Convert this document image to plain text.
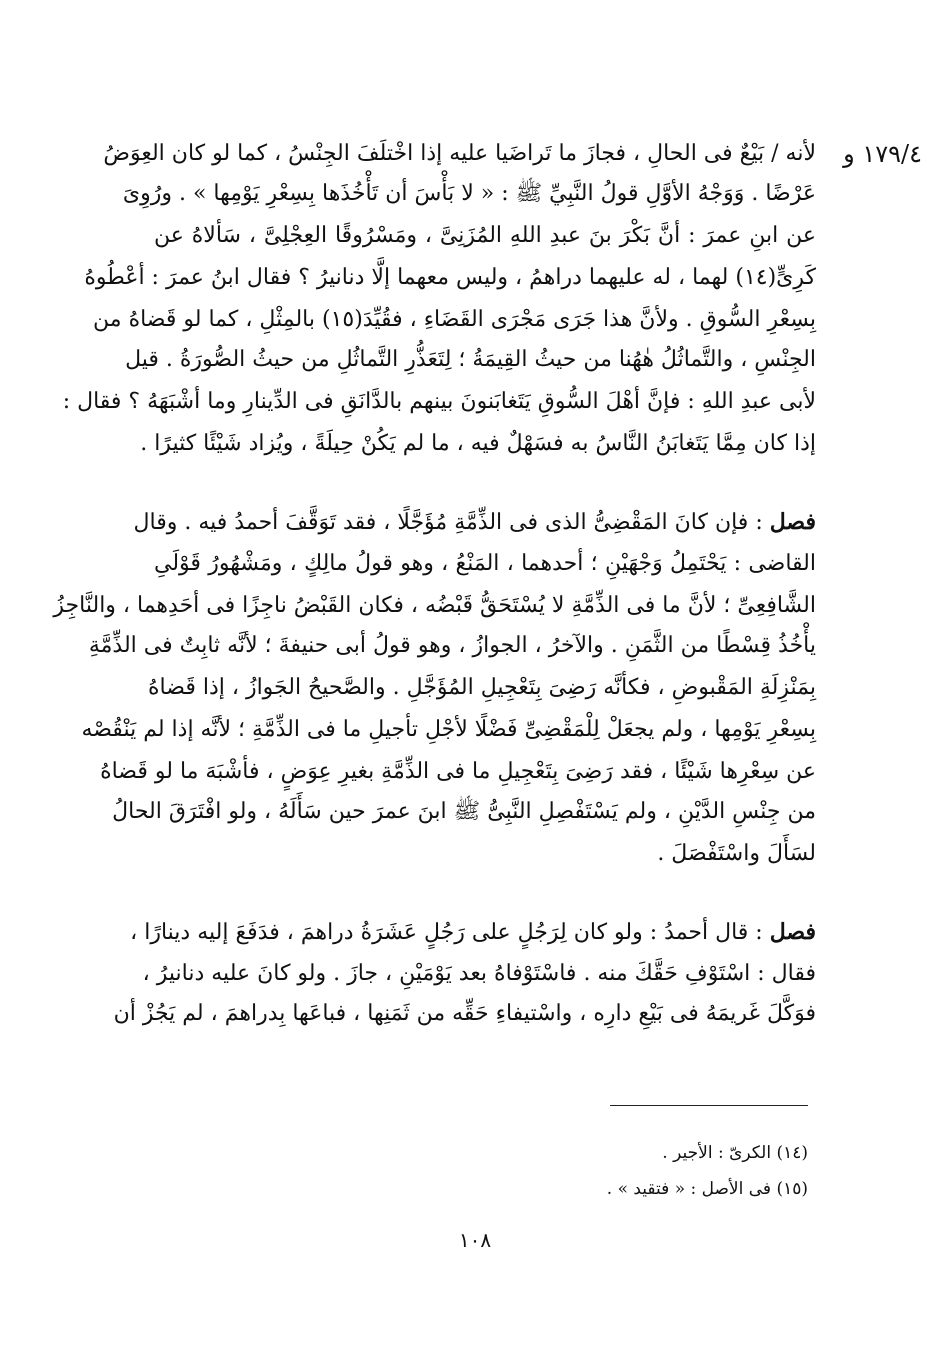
١٧٩/٤ و
لأنه / بَيْعٌ فى الحالِ ، فجازَ ما تَراضَيا عليه إذا اخْتلَفَ الجِنْسُ ، كما لو كان العِوَضُ
عَرْضًا . وَوَجْهُ الأوَّلِ قولُ النَّبِيِّ ﷺ : « لا بَأْسَ أن تَأْخُذَها بِسِعْرِ يَوْمِها » . ورُوِىَ
عن ابنِ عمرَ : أنَّ بَكْرَ بنَ عبدِ اللهِ المُزَنِىَّ ، ومَسْرُوقًا العِجْلِىَّ ، سَألاهُ عن
كَرِىٍّ(١٤) لهما ، له عليهما دراهمُ ، وليس معهما إلَّا دنانيرُ ؟ فقال ابنُ عمرَ : أعْطُوهُ
بِسِعْرِ السُّوقِ . ولأنَّ هذا جَرَى مَجْرَى القَضَاءِ ، فقُيِّدَ(١٥) بالمِثْلِ ، كما لو قَضاهُ من
الجِنْسِ ، والتَّماثُلُ هٰهُنا من حيثُ القِيمَةُ ؛ لِتَعَذُّرِ التَّماثُلِ من حيثُ الصُّورَةُ . قيل
لأبى عبدِ اللهِ : فإنَّ أهْلَ السُّوقِ يَتَغابَنونَ بينهم بالدَّانَقِ فى الدِّينارِ وما أشْبَهَهُ ؟ فقال :
إذا كان مِمَّا يَتَغابَنُ النَّاسُ به فسَهْلٌ فيه ، ما لم يَكُنْ حِيلَةً ، ويُزاد شَيْئًا كثيرًا .
فصل : فإن كانَ المَقْضِىُّ الذى فى الذِّمَّةِ مُؤَجَّلًا ، فقد تَوَقَّفَ أحمدُ فيه . وقال
القاضى : يَحْتَمِلُ وَجْهَيْنِ ؛ أحدهما ، المَنْعُ ، وهو قولُ مالِكٍ ، ومَشْهُورُ قَوْلَىِ
الشَّافِعِىِّ ؛ لأنَّ ما فى الذِّمَّةِ لا يُسْتَحَقُّ قَبْضُه ، فكان القَبْضُ ناجِزًا فى أحَدِهما ، والنَّاجِزُ
يأْخُذُ قِسْطًا من الثَّمَنِ . والآخرُ ، الجوازُ ، وهو قولُ أبى حنيفةَ ؛ لأنَّه ثابِتٌ فى الذِّمَّةِ
بِمَنْزِلَةِ المَقْبوضِ ، فكأنَّه رَضِىَ بِتَعْجِيلِ المُؤَجَّلِ . والصَّحيحُ الجَوازُ ، إذا قَضاهُ
بِسِعْرِ يَوْمِها ، ولم يجعَلْ لِلْمَقْضِىِّ فَضْلًا لأجْلِ تأجيلِ ما فى الذِّمَّةِ ؛ لأنَّه إذا لم يَنْقُصْه
عن سِعْرِها شَيْئًا ، فقد رَضِىَ بِتَعْجِيلِ ما فى الذِّمَّةِ بغيرِ عِوَضٍ ، فأشْبَهَ ما لو قَضاهُ
من جِنْسِ الدَّيْنِ ، ولم يَسْتَفْصِلِ النَّبِىُّ ﷺ ابنَ عمرَ حين سَأَلَهُ ، ولو افْتَرَقَ الحالُ
لسَأَلَ واسْتَفْصَلَ .
فصل : قال أحمدُ : ولو كان لِرَجُلٍ على رَجُلٍ عَشَرَةُ دراهمَ ، فدَفَعَ إليه دينارًا ،
فقال : اسْتَوْفِ حَقَّكَ منه . فاسْتَوْفاهُ بعد يَوْمَيْنِ ، جازَ . ولو كانَ عليه دنانيرُ ،
فوَكَّلَ غَريمَهُ فى بَيْعِ دارِه ، واسْتيفاءِ حَقِّه من ثَمَنِها ، فباعَها بِدراهمَ ، لم يَجُزْ أن
(١٤) الكرىّ : الأجير .
(١٥) فى الأصل : « فتقيد » .
١٠٨
